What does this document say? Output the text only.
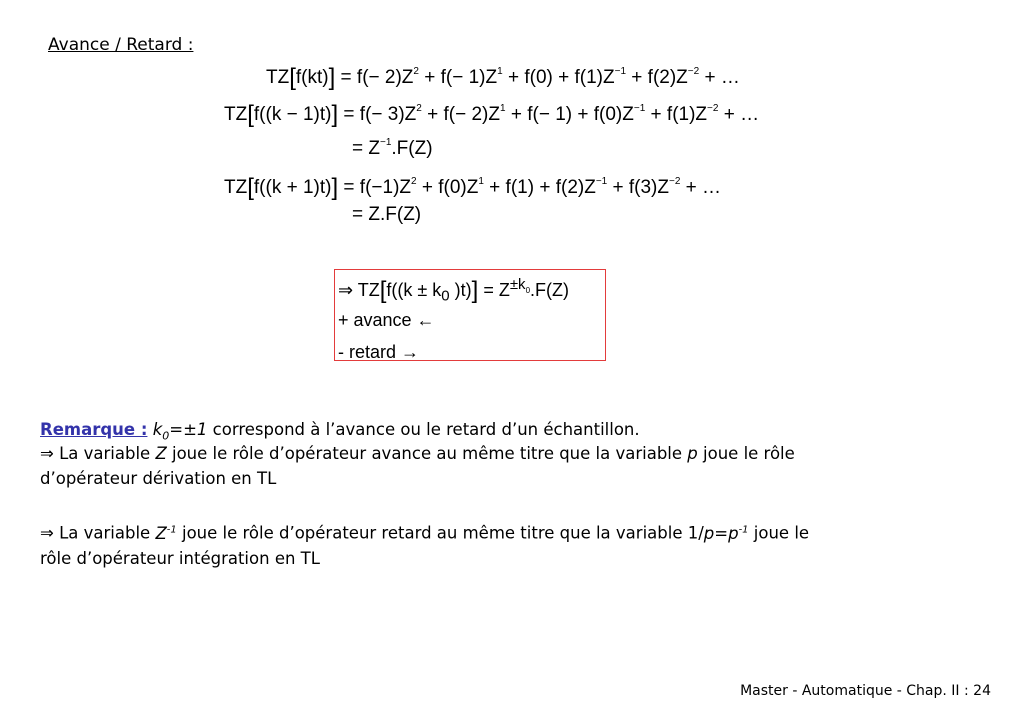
Avance / Retard :
$TZ[f(kt)] = f(- 2)Z^2 + f(- 1)Z^1 + f(0) + f(1)Z^{-1} + f(2)Z^{-2}$ + …
$TZ[f((k - 1)t)] = f(- 3)Z^2 + f(- 2)Z^1 + f(- 1) + f(0)Z^{-1} + f(1)Z^{-2}$ + …
= $Z^{-1}.F(Z)$
$TZ[f((k + 1)t)] = f(-1)Z^2 + f(0)Z^1 + f(1) + f(2)Z^{-1} + f(3)Z^{-2}$ + …
= Z.F(Z)
⇒ $TZ[f((k \pm k_0$ )$t)] = Z^{\pm k_0}.F(Z)$
+ avance ←
- retard →
Remarque : $k_0=\pm 1$ correspond à l’avance ou le retard d’un échantillon.
⇒ La variable Z joue le rôle d’opérateur avance au même titre que la variable p joue le rôle
d’opérateur dérivation en TL
⇒ La variable $Z^{-1}$ joue le rôle d’opérateur retard au même titre que la variable $1/p=p^{-1}$ joue le
rôle d’opérateur intégration en TL
Master - Automatique - Chap. II : 24
